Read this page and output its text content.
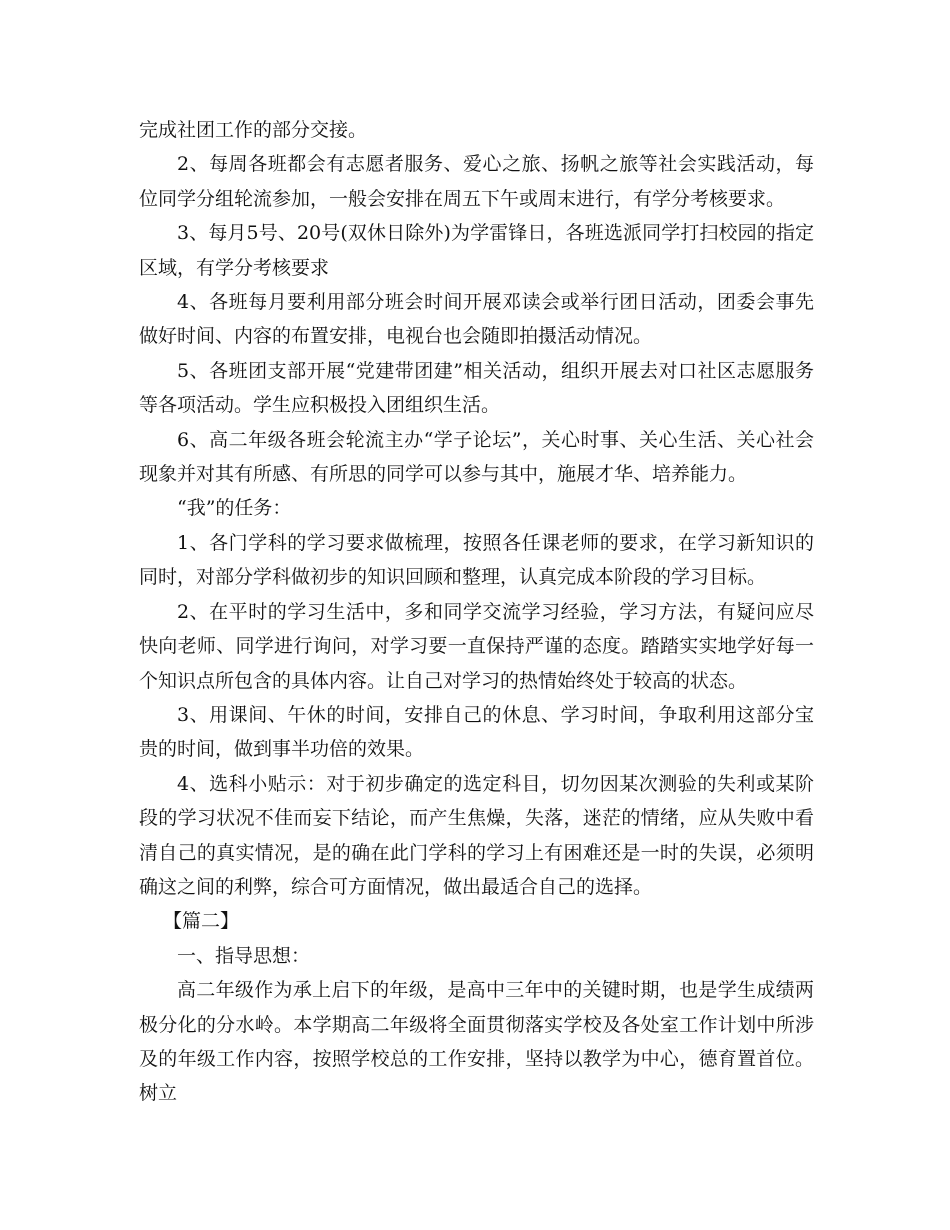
完成社团工作的部分交接。

2、每周各班都会有志愿者服务、爱心之旅、扬帆之旅等社会实践活动，每位同学分组轮流参加，一般会安排在周五下午或周末进行，有学分考核要求。

3、每月5号、20号(双休日除外)为学雷锋日，各班选派同学打扫校园的指定区域，有学分考核要求

4、各班每月要利用部分班会时间开展邓读会或举行团日活动，团委会事先做好时间、内容的布置安排，电视台也会随即拍摄活动情况。

5、各班团支部开展“党建带团建”相关活动，组织开展去对口社区志愿服务等各项活动。学生应积极投入团组织生活。

6、高二年级各班会轮流主办“学子论坛”，关心时事、关心生活、关心社会现象并对其有所感、有所思的同学可以参与其中，施展才华、培养能力。

“我”的任务：

1、各门学科的学习要求做梳理，按照各任课老师的要求，在学习新知识的同时，对部分学科做初步的知识回顾和整理，认真完成本阶段的学习目标。

2、在平时的学习生活中，多和同学交流学习经验，学习方法，有疑问应尽快向老师、同学进行询问，对学习要一直保持严谨的态度。踏踏实实地学好每一个知识点所包含的具体内容。让自己对学习的热情始终处于较高的状态。

3、用课间、午休的时间，安排自己的休息、学习时间，争取利用这部分宝贵的时间，做到事半功倍的效果。

4、选科小贴示：对于初步确定的选定科目，切勿因某次测验的失利或某阶段的学习状况不佳而妄下结论，而产生焦燥，失落，迷茫的情绪，应从失败中看清自己的真实情况，是的确在此门学科的学习上有困难还是一时的失误，必须明确这之间的利弊，综合可方面情况，做出最适合自己的选择。

【篇二】

一、指导思想：

高二年级作为承上启下的年级，是高中三年中的关键时期，也是学生成绩两极分化的分水岭。本学期高二年级将全面贯彻落实学校及各处室工作计划中所涉及的年级工作内容，按照学校总的工作安排，坚持以教学为中心，德育置首位。树立
